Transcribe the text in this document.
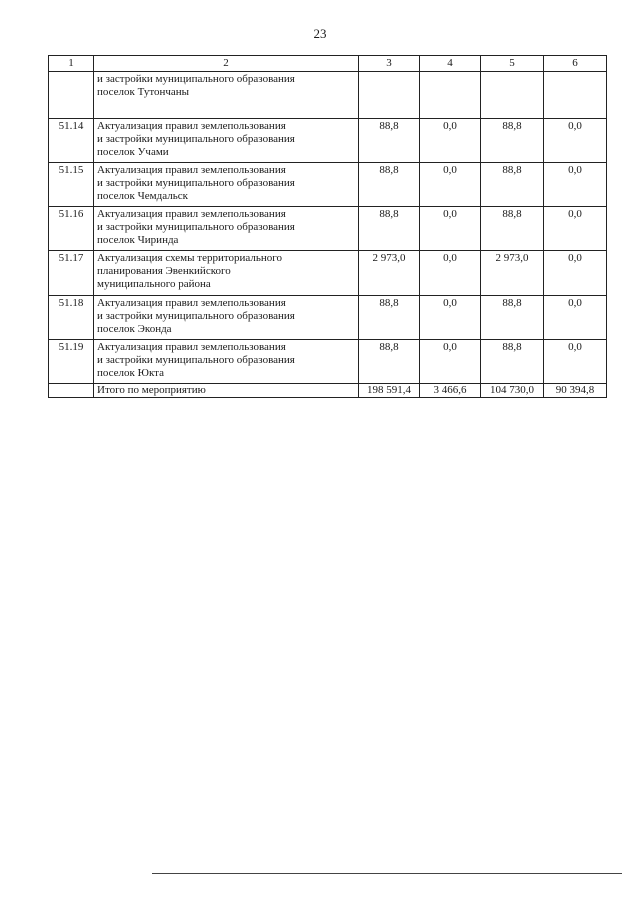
23
1	2	3	4	5	6

	и застройки муниципального образования
поселок Тутончаны				

51.14	Актуализация правил землепользования
и застройки муниципального образования
поселок Учами	88,8	0,0	88,8	0,0
51.15	Актуализация правил землепользования
и застройки муниципального образования
поселок Чемдальск	88,8	0,0	88,8	0,0
51.16	Актуализация правил землепользования
и застройки муниципального образования
поселок Чиринда	88,8	0,0	88,8	0,0
51.17	Актуализация схемы территориального
планирования Эвенкийского
муниципального района	2 973,0	0,0	2 973,0	0,0
51.18	Актуализация правил землепользования
и застройки муниципального образования
поселок Эконда	88,8	0,0	88,8	0,0
51.19	Актуализация правил землепользования
и застройки муниципального образования
поселок Юкта	88,8	0,0	88,8	0,0
	Итого по мероприятию	198 591,4	3 466,6	104 730,0	90 394,8
